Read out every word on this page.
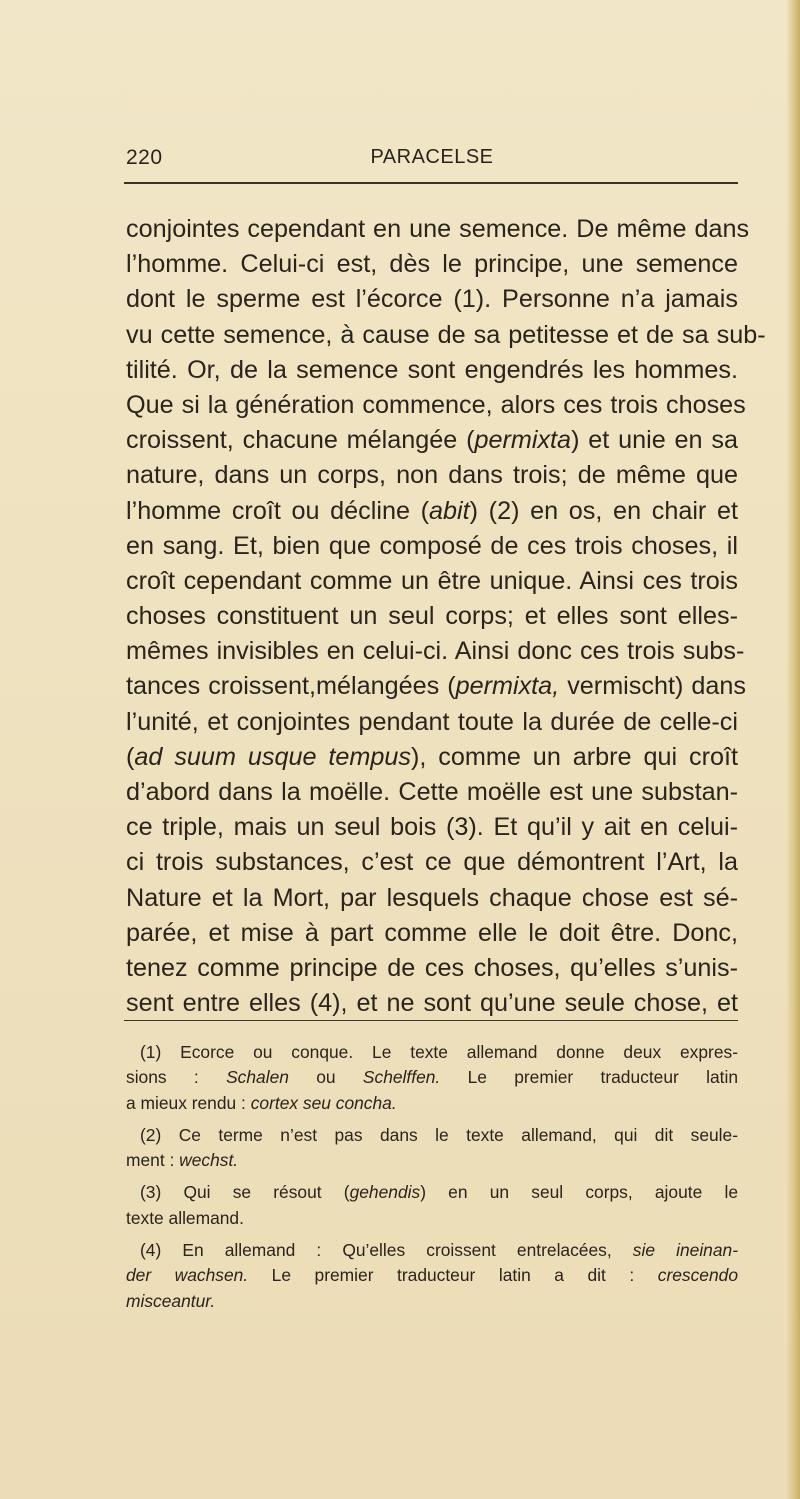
220	PARACELSE
conjointes cependant en une semence. De même dans
l’homme. Celui-ci est, dès le principe, une semence
dont le sperme est l’écorce (1). Personne n’a jamais
vu cette semence, à cause de sa petitesse et de sa sub-
tilité. Or, de la semence sont engendrés les hommes.
Que si la génération commence, alors ces trois choses
croissent, chacune mélangée (permixta) et unie en sa
nature, dans un corps, non dans trois; de même que
l’homme croît ou décline (abit) (2) en os, en chair et
en sang. Et, bien que composé de ces trois choses, il
croît cependant comme un être unique. Ainsi ces trois
choses constituent un seul corps; et elles sont elles-
mêmes invisibles en celui-ci. Ainsi donc ces trois subs-
tances croissent,mélangées (permixta, vermischt) dans
l’unité, et conjointes pendant toute la durée de celle-ci
(ad suum usque tempus), comme un arbre qui croît
d’abord dans la moëlle. Cette moëlle est une substan-
ce triple, mais un seul bois (3). Et qu’il y ait en celui-
ci trois substances, c’est ce que démontrent l’Art, la
Nature et la Mort, par lesquels chaque chose est sé-
parée, et mise à part comme elle le doit être. Donc,
tenez comme principe de ces choses, qu’elles s’unis-
sent entre elles (4), et ne sont qu’une seule chose, et
(1) Ecorce ou conque. Le texte allemand donne deux expres-
sions : Schalen ou Schelffen. Le premier traducteur latin
a mieux rendu : cortex seu concha.
(2) Ce terme n’est pas dans le texte allemand, qui dit seule-
ment : wechst.
(3) Qui se résout (gehendis) en un seul corps, ajoute le
texte allemand.
(4) En allemand : Qu’elles croissent entrelacées, sie ineinan-
der wachsen. Le premier traducteur latin a dit : crescendo
misceantur.
